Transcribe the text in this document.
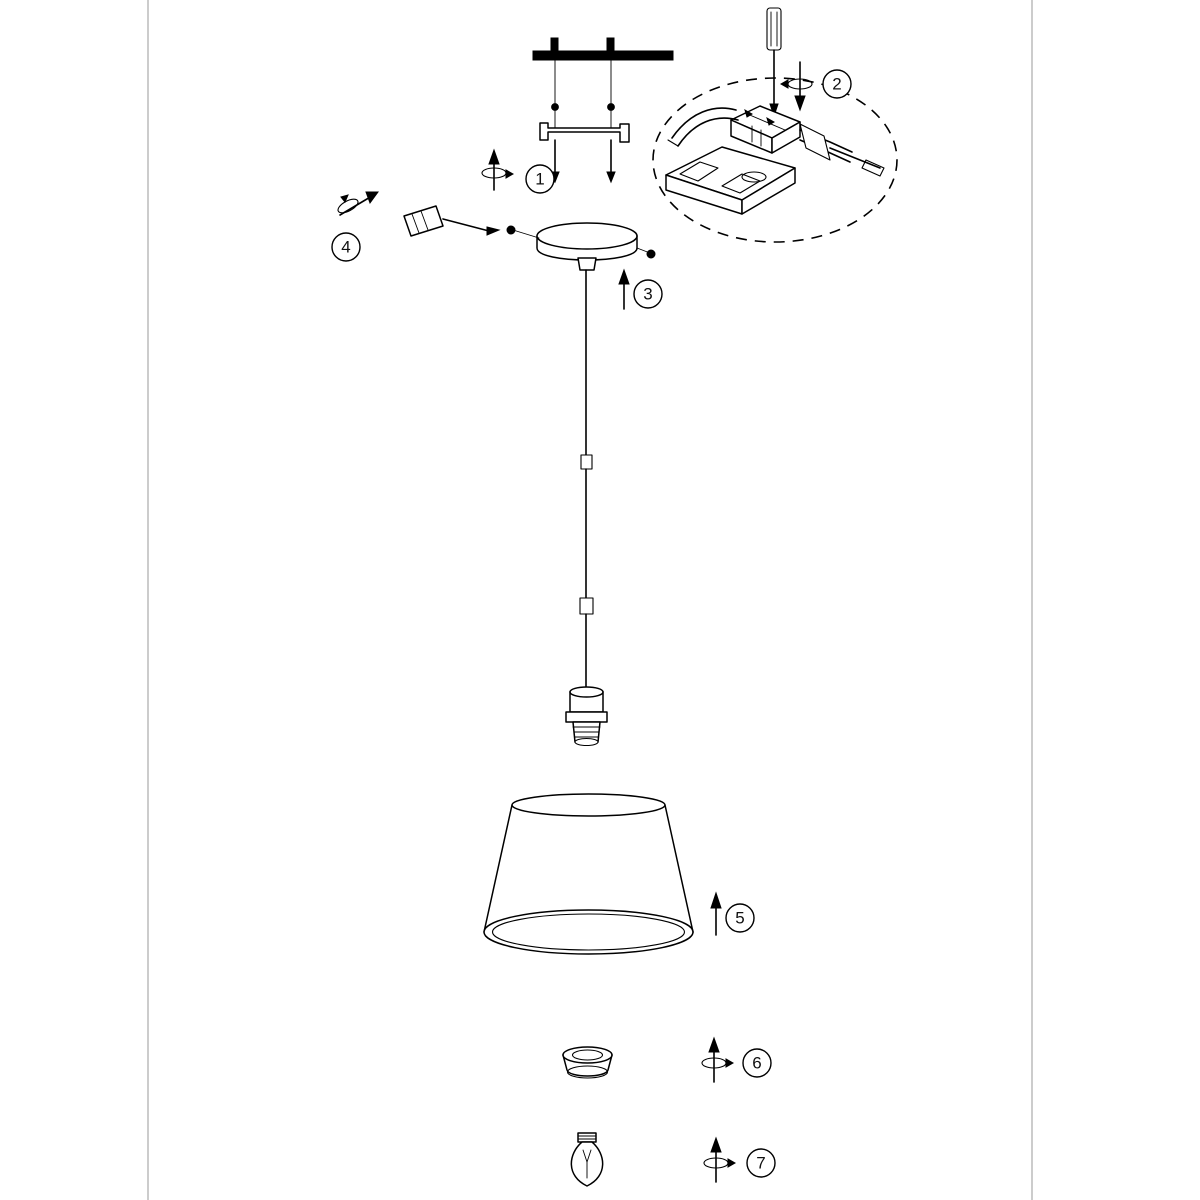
1
2
4
3
5
6
7
